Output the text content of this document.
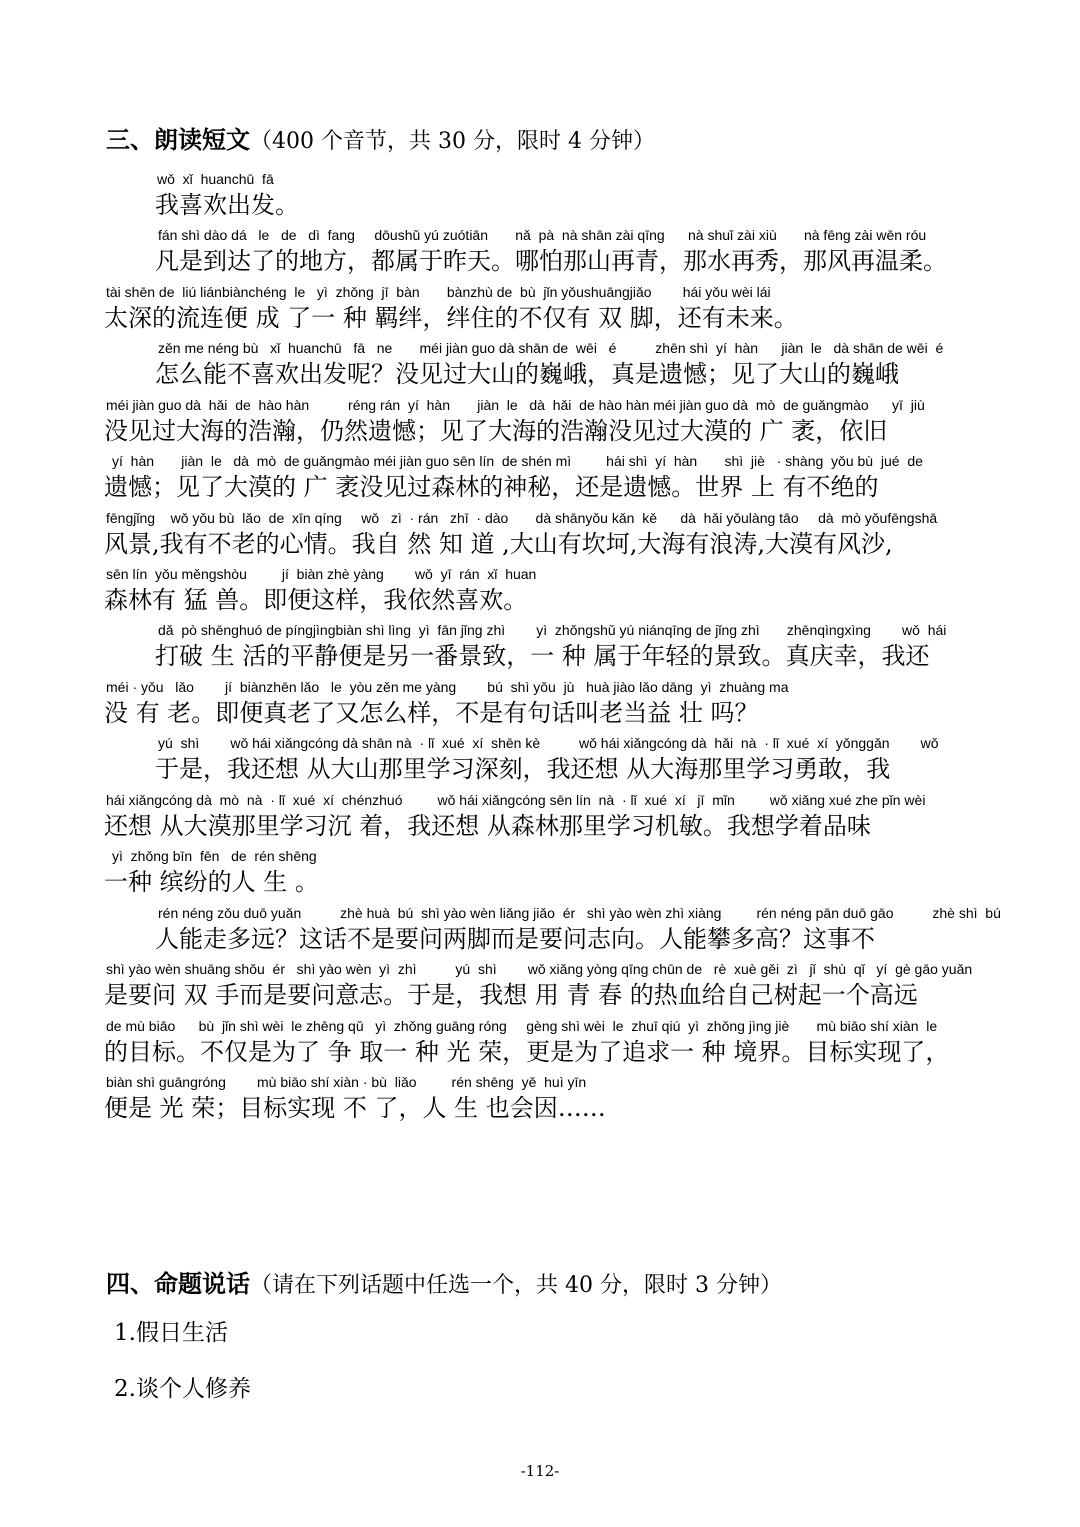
三、朗读短文（400 个音节，共 30 分，限时 4 分钟）
wǒ  xǐ  huanchū  fā
我喜欢出发。
fán shì dào dá   le   de   dì  fang     dōushǔ yú zuótiān       nǎ  pà  nà shān zài qīng      nà shuǐ zài xiù       nà fēng zài wēn róu
凡是到达了的地方，都属于昨天。哪怕那山再青，那水再秀，那风再温柔。
tài shēn de  liú liánbiànchéng  le   yì  zhǒng  jī  bàn       bànzhù de  bù  jǐn yǒushuāngjiǎo        hái yǒu wèi lái
太深的流连便 成 了一 种 羁绊，绊住的不仅有 双 脚，还有未来。
zěn me néng bù   xǐ  huanchū   fā   ne       méi jiàn guo dà shān de  wēi   é          zhēn shì  yí  hàn      jiàn  le   dà shān de wēi  é
怎么能不喜欢出发呢？没见过大山的巍峨，真是遗憾；见了大山的巍峨
méi jiàn guo dà  hǎi  de  hào hàn          réng rán  yí  hàn       jiàn  le   dà  hǎi  de hào hàn méi jiàn guo dà  mò  de guǎngmào      yī  jiù
没见过大海的浩瀚，仍然遗憾；见了大海的浩瀚没见过大漠的 广 袤，依旧
yí  hàn       jiàn  le   dà  mò  de guǎngmào méi jiàn guo sēn lín  de shén mì         hái shì  yí  hàn       shì  jiè   · shàng  yǒu bù  jué  de
遗憾；见了大漠的 广 袤没见过森林的神秘，还是遗憾。世界 上 有不绝的
fēngjǐng    wǒ yǒu bù  lǎo  de  xīn qíng     wǒ   zì  · rán   zhī  · dào       dà shānyǒu kǎn  kě      dà  hǎi yǒulàng tāo     dà  mò yǒufēngshā
风景,我有不老的心情。我自 然 知 道 ,大山有坎坷,大海有浪涛,大漠有风沙,
sēn lín  yǒu měngshòu         jí  biàn zhè yàng        wǒ  yī  rán  xǐ  huan
森林有 猛 兽。即便这样，我依然喜欢。
dǎ  pò shēnghuó de píngjìngbiàn shì lìng  yì  fān jǐng zhì        yì  zhǒngshǔ yú niánqīng de jǐng zhì       zhēnqìngxìng        wǒ  hái
打破 生 活的平静便是另一番景致，一 种 属于年轻的景致。真庆幸，我还
méi · yǒu   lǎo        jí  biànzhēn lǎo   le  yòu zěn me yàng        bú  shì yǒu  jù   huà jiào lǎo dāng  yì  zhuàng ma
没 有 老。即便真老了又怎么样，不是有句话叫老当益 壮 吗？
yú  shì        wǒ hái xiǎngcóng dà shān nà  · lǐ  xué  xí  shēn kè          wǒ hái xiǎngcóng dà  hǎi  nà  · lǐ  xué  xí  yǒnggǎn        wǒ
于是，我还想 从大山那里学习深刻，我还想 从大海那里学习勇敢，我
hái xiǎngcóng dà  mò  nà  · lǐ  xué  xí  chénzhuó         wǒ hái xiǎngcóng sēn lín  nà  · lǐ  xué  xí   jī  mǐn         wǒ xiǎng xué zhe pǐn wèi
还想 从大漠那里学习沉 着，我还想 从森林那里学习机敏。我想学着品味
yì  zhǒng bīn  fēn   de  rén shēng
一种 缤纷的人 生 。
rén néng zǒu duō yuǎn          zhè huà  bú  shì yào wèn liǎng jiǎo  ér   shì yào wèn zhì xiàng         rén néng pān duō gāo          zhè shì  bú
人能走多远？这话不是要问两脚而是要问志向。人能攀多高？这事不
shì yào wèn shuāng shǒu  ér   shì yào wèn  yì  zhì          yú  shì        wǒ xiǎng yòng qīng chūn de   rè  xuè gěi  zì   jǐ  shù  qǐ   yí  gè gāo yuǎn
是要问 双 手而是要问意志。于是，我想 用 青 春 的热血给自己树起一个高远
de mù biāo      bù  jǐn shì wèi  le zhēng qǔ   yì  zhǒng guāng róng     gèng shì wèi  le  zhuī qiú  yì  zhǒng jìng jiè       mù biāo shí xiàn  le
的目标。不仅是为了 争 取一 种 光 荣，更是为了追求一 种 境界。目标实现了，
biàn shì guāngróng        mù biāo shí xiàn · bù  liǎo         rén shēng  yě  huì yīn
便是 光 荣；目标实现 不 了，人 生 也会因……
四、命题说话（请在下列话题中任选一个，共 40 分，限时 3 分钟）
1.假日生活
2.谈个人修养
-112-
